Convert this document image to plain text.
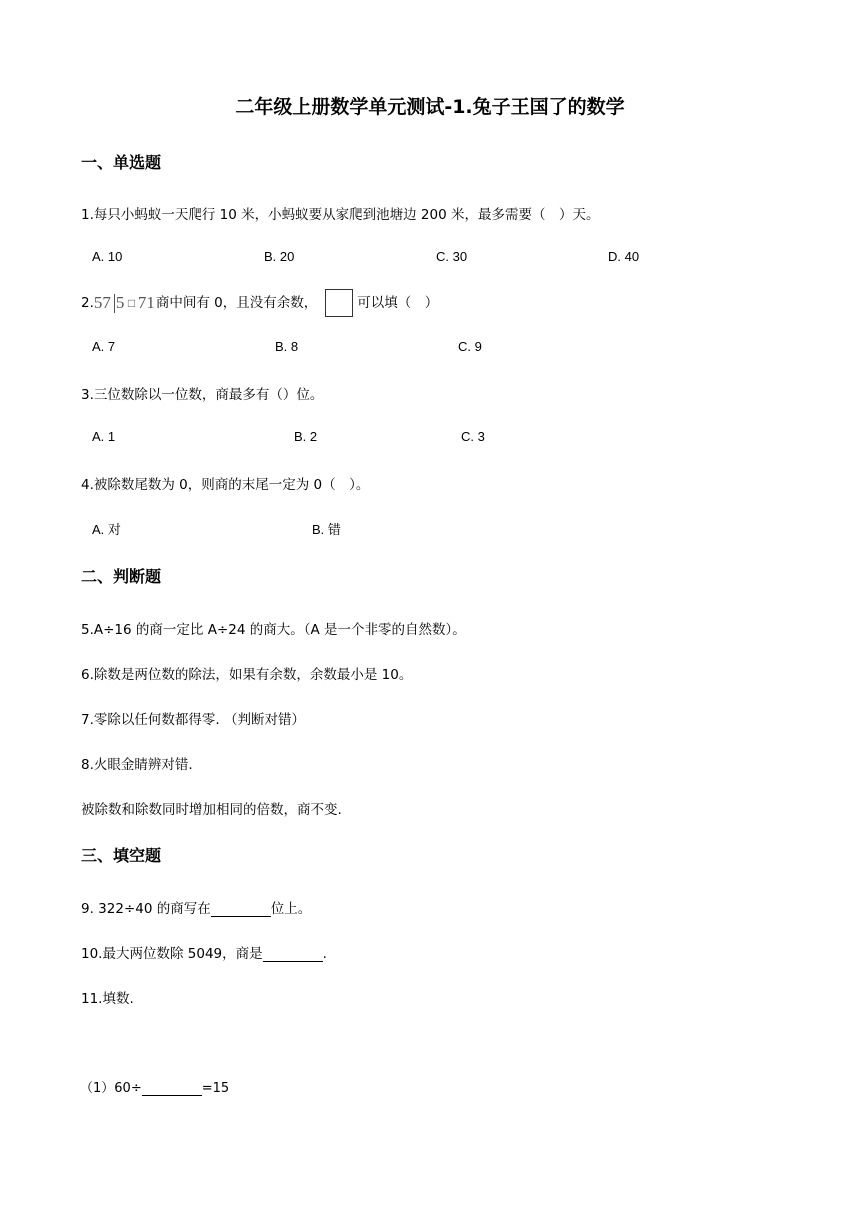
二年级上册数学单元测试-1.兔子王国了的数学
一、单选题
1.每只小蚂蚁一天爬行 10 米，小蚂蚁要从家爬到池塘边 200 米，最多需要（　）天。
A. 10	B. 20	C. 30	D. 40
2. 57 5 □ 71 商中间有 0，且没有余数，	可以填（　）
A. 7	B. 8	C. 9
3.三位数除以一位数，商最多有（）位。
A. 1	B. 2	C. 3
4.被除数尾数为 0，则商的末尾一定为 0（　）。
A. 对	B. 错
二、判断题
5.A÷16 的商一定比 A÷24 的商大。（A 是一个非零的自然数）。
6.除数是两位数的除法，如果有余数，余数最小是 10。
7.零除以任何数都得零. （判断对错）
8.火眼金睛辨对错.
被除数和除数同时增加相同的倍数，商不变.
三、填空题
9. 322÷40 的商写在	位上。
10.最大两位数除 5049，商是	.
11.填数.
（1）60÷	=15
